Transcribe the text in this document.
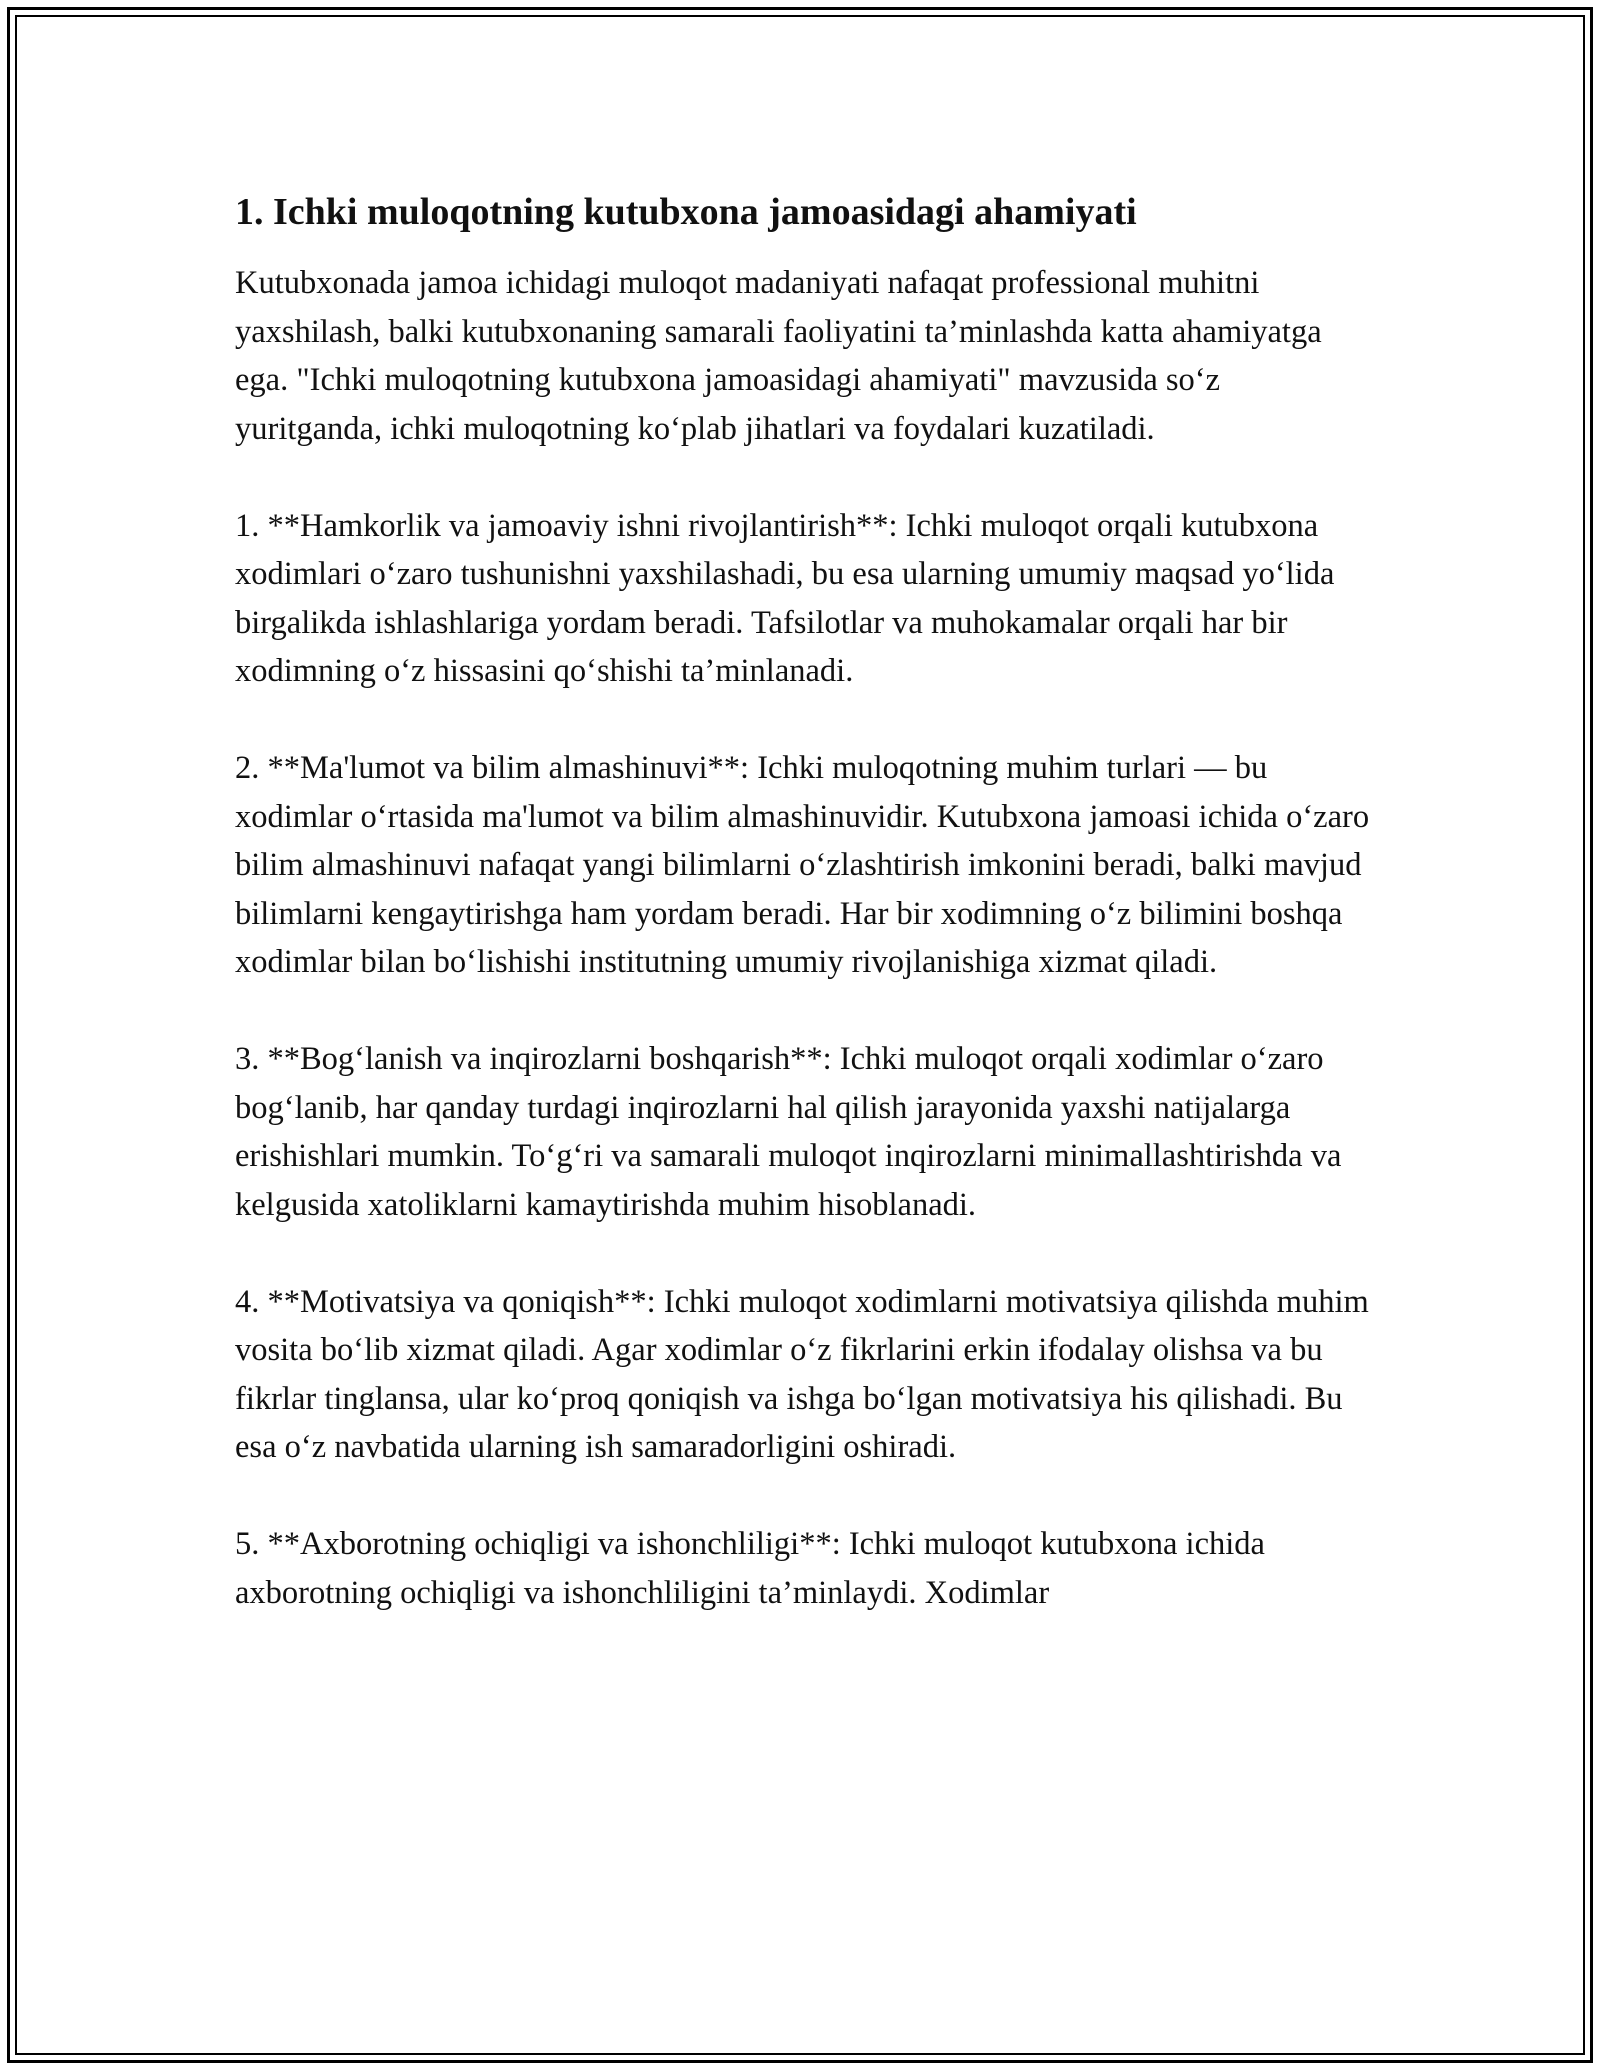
1. Ichki muloqotning kutubxona jamoasidagi ahamiyati

Kutubxonada jamoa ichidagi muloqot madaniyati nafaqat professional muhitni yaxshilash, balki kutubxonaning samarali faoliyatini ta’minlashda katta ahamiyatga ega. "Ichki muloqotning kutubxona jamoasidagi ahamiyati" mavzusida so‘z yuritganda, ichki muloqotning ko‘plab jihatlari va foydalari kuzatiladi.

1. **Hamkorlik va jamoaviy ishni rivojlantirish**: Ichki muloqot orqali kutubxona xodimlari o‘zaro tushunishni yaxshilashadi, bu esa ularning umumiy maqsad yo‘lida birgalikda ishlashlariga yordam beradi. Tafsilotlar va muhokamalar orqali har bir xodimning o‘z hissasini qo‘shishi ta’minlanadi.

2. **Ma'lumot va bilim almashinuvi**: Ichki muloqotning muhim turlari — bu xodimlar o‘rtasida ma'lumot va bilim almashinuvidir. Kutubxona jamoasi ichida o‘zaro bilim almashinuvi nafaqat yangi bilimlarni o‘zlashtirish imkonini beradi, balki mavjud bilimlarni kengaytirishga ham yordam beradi. Har bir xodimning o‘z bilimini boshqa xodimlar bilan bo‘lishishi institutning umumiy rivojlanishiga xizmat qiladi.

3. **Bog‘lanish va inqirozlarni boshqarish**: Ichki muloqot orqali xodimlar o‘zaro bog‘lanib, har qanday turdagi inqirozlarni hal qilish jarayonida yaxshi natijalarga erishishlari mumkin. To‘g‘ri va samarali muloqot inqirozlarni minimallashtirishda va kelgusida xatoliklarni kamaytirishda muhim hisoblanadi.

4. **Motivatsiya va qoniqish**: Ichki muloqot xodimlarni motivatsiya qilishda muhim vosita bo‘lib xizmat qiladi. Agar xodimlar o‘z fikrlarini erkin ifodalay olishsa va bu fikrlar tinglansa, ular ko‘proq qoniqish va ishga bo‘lgan motivatsiya his qilishadi. Bu esa o‘z navbatida ularning ish samaradorligini oshiradi.

5. **Axborotning ochiqligi va ishonchliligi**: Ichki muloqot kutubxona ichida axborotning ochiqligi va ishonchliligini ta’minlaydi. Xodimlar
